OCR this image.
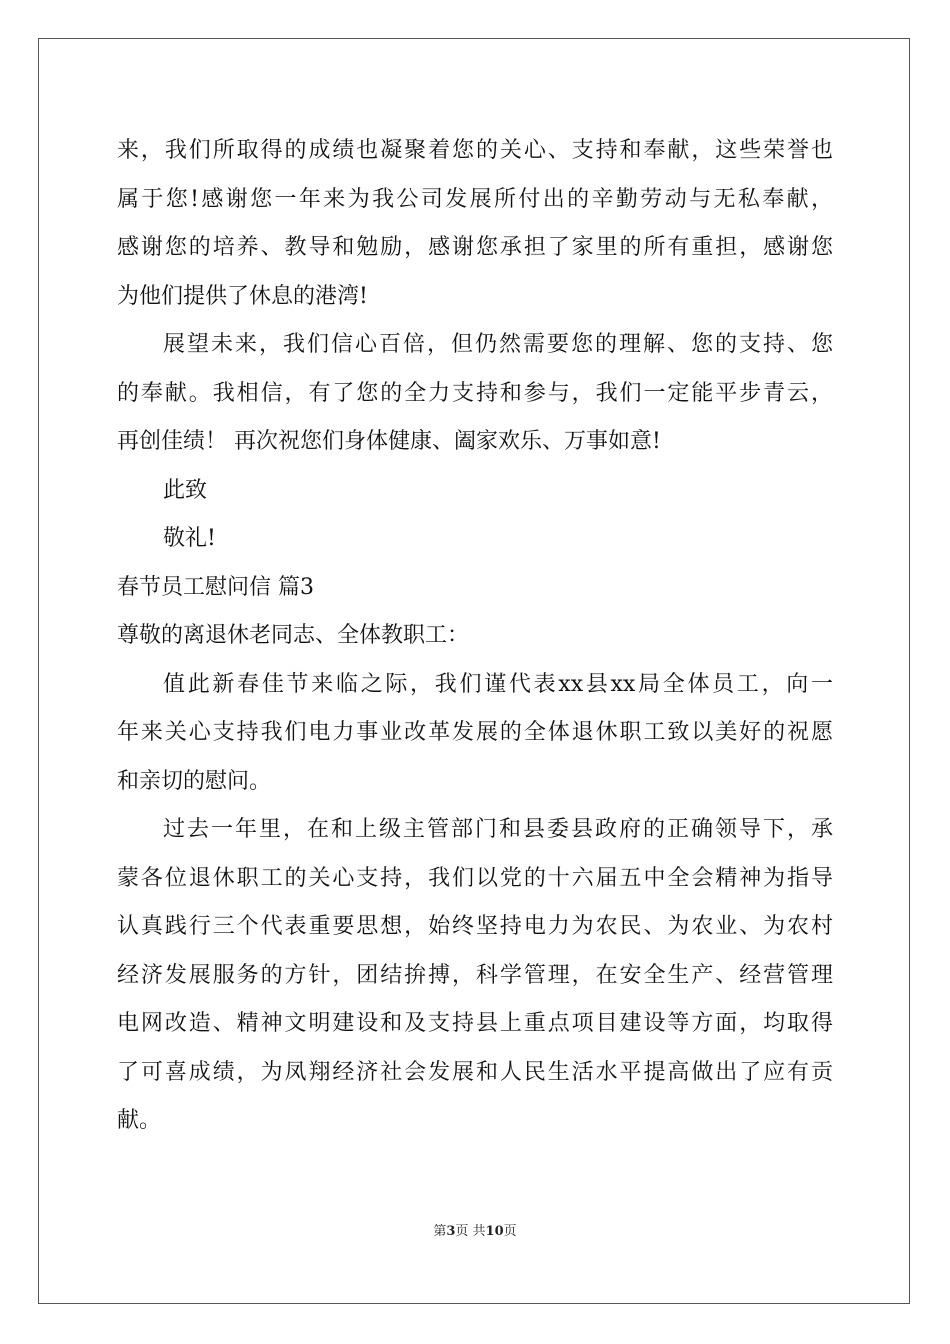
来，我们所取得的成绩也凝聚着您的关心、支持和奉献，这些荣誉也
属于您!感谢您一年来为我公司发展所付出的辛勤劳动与无私奉献，
感谢您的培养、教导和勉励，感谢您承担了家里的所有重担，感谢您
为他们提供了休息的港湾!
展望未来，我们信心百倍，但仍然需要您的理解、您的支持、您
的奉献。我相信，有了您的全力支持和参与，我们一定能平步青云，
再创佳绩！ 再次祝您们身体健康、阖家欢乐、万事如意!
此致
敬礼!
春节员工慰问信 篇3
尊敬的离退休老同志、全体教职工：
值此新春佳节来临之际，我们谨代表xx县xx局全体员工，向一
年来关心支持我们电力事业改革发展的全体退休职工致以美好的祝愿
和亲切的慰问。
过去一年里，在和上级主管部门和县委县政府的正确领导下，承
蒙各位退休职工的关心支持，我们以党的十六届五中全会精神为指导
认真践行三个代表重要思想，始终坚持电力为农民、为农业、为农村
经济发展服务的方针，团结拚搏，科学管理，在安全生产、经营管理
电网改造、精神文明建设和及支持县上重点项目建设等方面，均取得
了可喜成绩，为凤翔经济社会发展和人民生活水平提高做出了应有贡
献。
第3页 共10页
